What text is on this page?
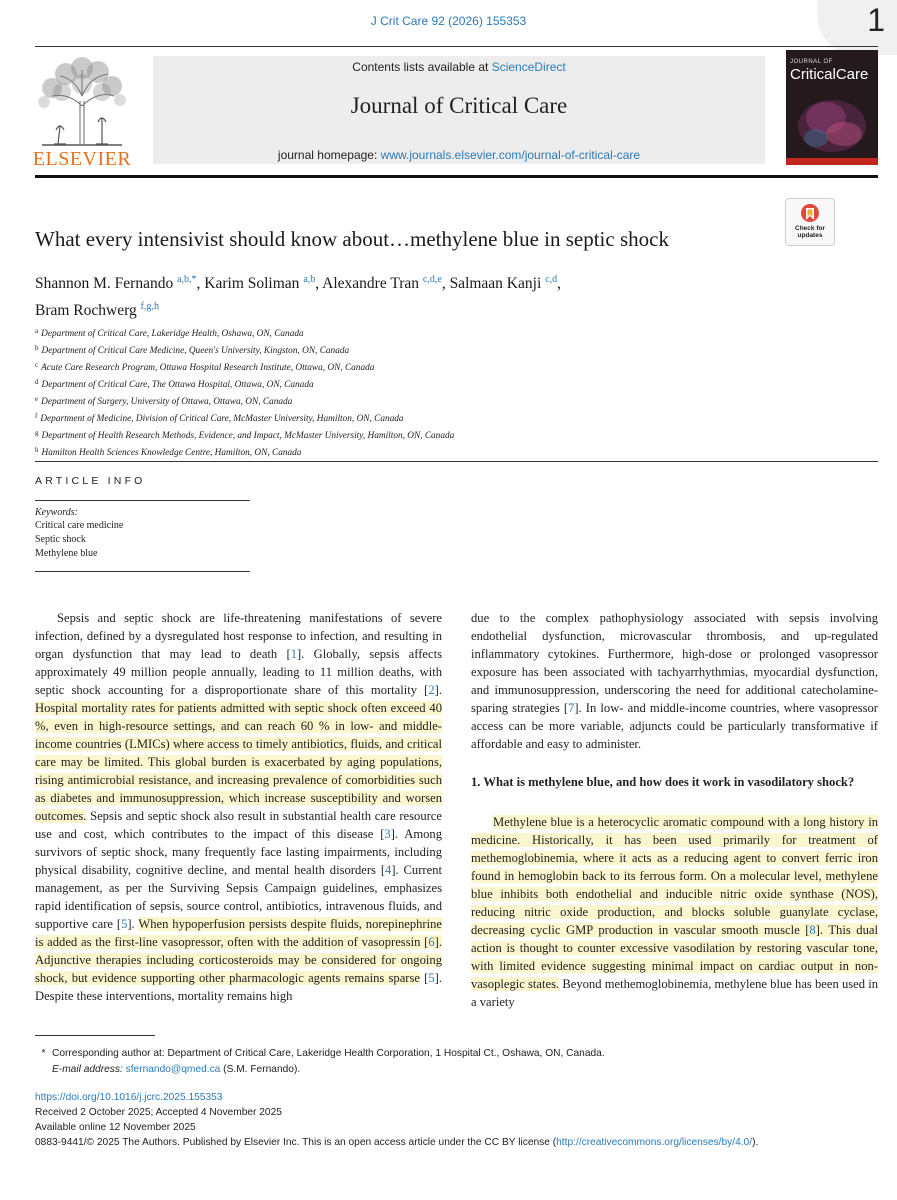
1
J Crit Care 92 (2026) 155353
ELSEVIER
Contents lists available at ScienceDirect
Journal of Critical Care
journal homepage: www.journals.elsevier.com/journal-of-critical-care
JOURNAL OF
CriticalCare
Check for updates
What every intensivist should know about…methylene blue in septic shock
Shannon M. Fernando $^{a,b,*}$, Karim Soliman $^{a,b}$, Alexandre Tran $^{c,d,e}$, Salmaan Kanji $^{c,d}$,
Bram Rochwerg $^{f,g,h}$
$^a$ Department of Critical Care, Lakeridge Health, Oshawa, ON, Canada
$^b$ Department of Critical Care Medicine, Queen's University, Kingston, ON, Canada
$^c$ Acute Care Research Program, Ottawa Hospital Research Institute, Ottawa, ON, Canada
$^d$ Department of Critical Care, The Ottawa Hospital, Ottawa, ON, Canada
$^e$ Department of Surgery, University of Ottawa, Ottawa, ON, Canada
$^f$ Department of Medicine, Division of Critical Care, McMaster University, Hamilton, ON, Canada
$^g$ Department of Health Research Methods, Evidence, and Impact, McMaster University, Hamilton, ON, Canada
$^h$ Hamilton Health Sciences Knowledge Centre, Hamilton, ON, Canada
ARTICLE INFO
Keywords:
Critical care medicine
Septic shock
Methylene blue

Sepsis and septic shock are life-threatening manifestations of severe infection, defined by a dysregulated host response to infection, and resulting in organ dysfunction that may lead to death [1]. Globally, sepsis affects approximately 49 million people annually, leading to 11 million deaths, with septic shock accounting for a disproportionate share of this mortality [2]. Hospital mortality rates for patients admitted with septic shock often exceed 40 %, even in high-resource settings, and can reach 60 % in low- and middle-income countries (LMICs) where access to timely antibiotics, fluids, and critical care may be limited. This global burden is exacerbated by aging populations, rising antimicrobial resistance, and increasing prevalence of comorbidities such as diabetes and immunosuppression, which increase susceptibility and worsen outcomes. Sepsis and septic shock also result in substantial health care resource use and cost, which contributes to the impact of this disease [3]. Among survivors of septic shock, many frequently face lasting impairments, including physical disability, cognitive decline, and mental health disorders [4]. Current management, as per the Surviving Sepsis Campaign guidelines, emphasizes rapid identification of sepsis, source control, antibiotics, intravenous fluids, and supportive care [5]. When hypoperfusion persists despite fluids, norepinephrine is added as the first-line vasopressor, often with the addition of vasopressin [6]. Adjunctive therapies including corticosteroids may be considered for ongoing shock, but evidence supporting other pharmacologic agents remains sparse [5]. Despite these interventions, mortality remains high

due to the complex pathophysiology associated with sepsis involving endothelial dysfunction, microvascular thrombosis, and up-regulated inflammatory cytokines. Furthermore, high-dose or prolonged vasopressor exposure has been associated with tachyarrhythmias, myocardial dysfunction, and immunosuppression, underscoring the need for additional catecholamine-sparing strategies [7]. In low- and middle-income countries, where vasopressor access can be more variable, adjuncts could be particularly transformative if affordable and easy to administer.

1. What is methylene blue, and how does it work in vasodilatory shock?

Methylene blue is a heterocyclic aromatic compound with a long history in medicine. Historically, it has been used primarily for treatment of methemoglobinemia, where it acts as a reducing agent to convert ferric iron found in hemoglobin back to its ferrous form. On a molecular level, methylene blue inhibits both endothelial and inducible nitric oxide synthase (NOS), reducing nitric oxide production, and blocks soluble guanylate cyclase, decreasing cyclic GMP production in vascular smooth muscle [8]. This dual action is thought to counter excessive vasodilation by restoring vascular tone, with limited evidence suggesting minimal impact on cardiac output in non-vasoplegic states. Beyond methemoglobinemia, methylene blue has been used in a variety

* Corresponding author at: Department of Critical Care, Lakeridge Health Corporation, 1 Hospital Ct., Oshawa, ON, Canada.
E-mail address: sfernando@qmed.ca (S.M. Fernando).
https://doi.org/10.1016/j.jcrc.2025.155353
Received 2 October 2025; Accepted 4 November 2025
Available online 12 November 2025
0883-9441/© 2025 The Authors. Published by Elsevier Inc. This is an open access article under the CC BY license (http://creativecommons.org/licenses/by/4.0/).
